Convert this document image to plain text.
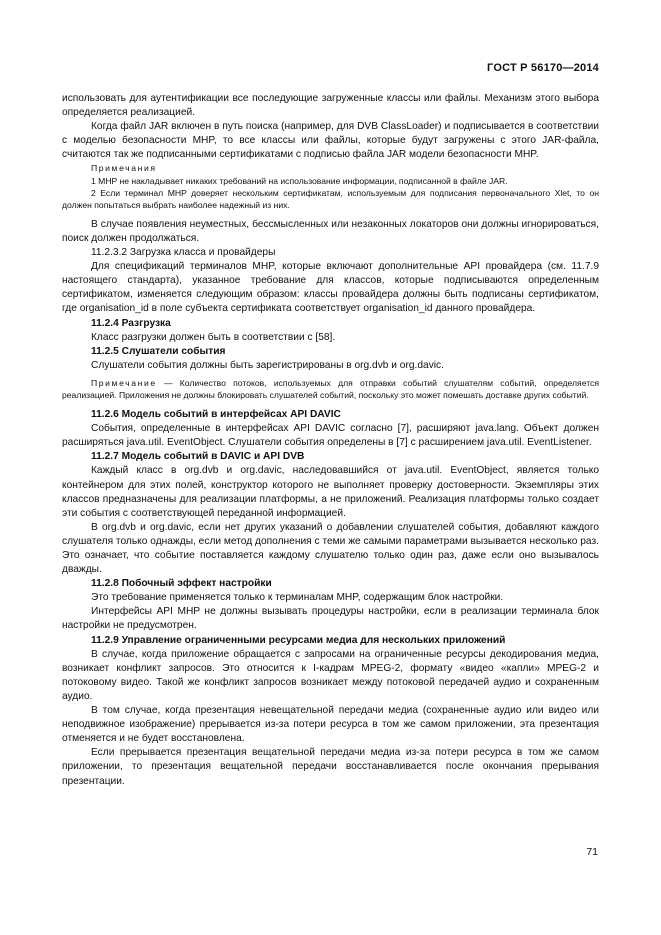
ГОСТ Р 56170—2014

использовать для аутентификации все последующие загруженные классы или файлы. Механизм этого выбора определяется реализацией.

Когда файл JAR включен в путь поиска (например, для DVB ClassLoader) и подписывается в соответствии с моделью безопасности MHP, то все классы или файлы, которые будут загружены с этого JAR-файла, считаются так же подписанными сертификатами с подписью файла JAR модели безопасности MHP.

Примечания

1 MHP не накладывает никаких требований на использование информации, подписанной в файле JAR.

2 Если терминал MHP доверяет нескольким сертификатам, используемым для подписания первоначального Xlet, то он должен попытаться выбрать наиболее надежный из них.

В случае появления неуместных, бессмысленных или незаконных локаторов они должны игнорироваться, поиск должен продолжаться.

11.2.3.2 Загрузка класса и провайдеры

Для спецификаций терминалов MHP, которые включают дополнительные API провайдера (см. 11.7.9 настоящего стандарта), указанное требование для классов, которые подписываются определенным сертификатом, изменяется следующим образом: классы провайдера должны быть подписаны сертификатом, где organisation_id в поле субъекта сертификата соответствует organisation_id данного провайдера.

11.2.4 Разгрузка

Класс разгрузки должен быть в соответствии с [58].

11.2.5 Слушатели события

Слушатели события должны быть зарегистрированы в org.dvb и org.davic.

Примечание — Количество потоков, используемых для отправки событий слушателям событий, определяется реализацией. Приложения не должны блокировать слушателей событий, поскольку это может помешать доставке других событий.

11.2.6 Модель событий в интерфейсах API DAVIC

События, определенные в интерфейсах API DAVIC согласно [7], расширяют java.lang. Объект должен расширяться java.util. EventObject. Слушатели события определены в [7] с расширением java.util. EventListener.

11.2.7 Модель событий в DAVIC и API DVB

Каждый класс в org.dvb и org.davic, наследовавшийся от java.util. EventObject, является только контейнером для этих полей, конструктор которого не выполняет проверку достоверности. Экземпляры этих классов предназначены для реализации платформы, а не приложений. Реализация платформы только создает эти события с соответствующей переданной информацией.

В org.dvb и org.davic, если нет других указаний о добавлении слушателей события, добавляют каждого слушателя только однажды, если метод дополнения с теми же самыми параметрами вызывается несколько раз. Это означает, что событие поставляется каждому слушателю только один раз, даже если оно вызывалось дважды.

11.2.8 Побочный эффект настройки

Это требование применяется только к терминалам MHP, содержащим блок настройки.

Интерфейсы API MHP не должны вызывать процедуры настройки, если в реализации терминала блок настройки не предусмотрен.

11.2.9 Управление ограниченными ресурсами медиа для нескольких приложений

В случае, когда приложение обращается с запросами на ограниченные ресурсы декодирования медиа, возникает конфликт запросов. Это относится к I-кадрам MPEG-2, формату «видео «капли» MPEG-2 и потоковому видео. Такой же конфликт запросов возникает между потоковой передачей аудио и сохраненным аудио.

В том случае, когда презентация невещательной передачи медиа (сохраненные аудио или видео или неподвижное изображение) прерывается из-за потери ресурса в том же самом приложении, эта презентация отменяется и не будет восстановлена.

Если прерывается презентация вещательной передачи медиа из-за потери ресурса в том же самом приложении, то презентация вещательной передачи восстанавливается после окончания прерывания презентации.

71
